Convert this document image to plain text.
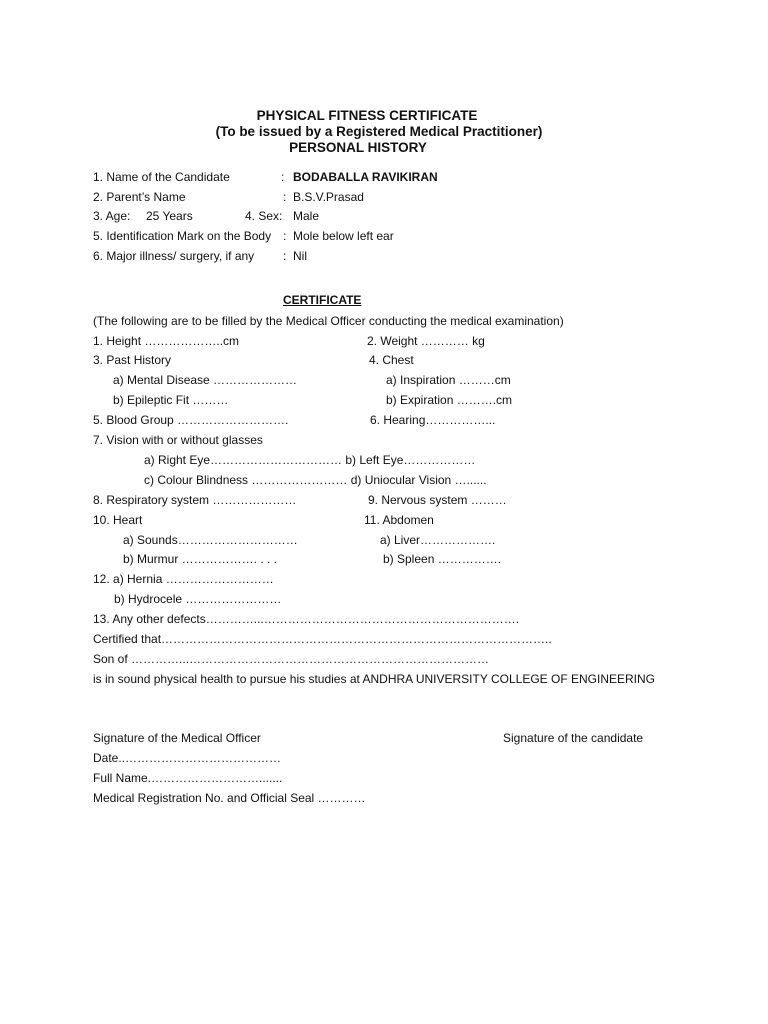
PHYSICAL FITNESS CERTIFICATE
(To be issued by a Registered Medical Practitioner)
PERSONAL HISTORY
1. Name of the Candidate	: BODABALLA RAVIKIRAN
2. Parent’s Name	: B.S.V.Prasad
3. Age: 25 Years	4. Sex: Male
5. Identification Mark on the Body : Mole below left ear
6. Major illness/ surgery, if any : Nil
CERTIFICATE
(The following are to be filled by the Medical Officer conducting the medical examination)
1. Height ………………..cm	2. Weight ………… kg
3. Past History	4. Chest
a) Mental Disease …………………	a) Inspiration ………cm
b) Epileptic Fit ………	b) Expiration ……….cm
5. Blood Group ……………………….	6. Hearing……………...
7. Vision with or without glasses
a) Right Eye…………………………… b) Left Eye………………
c) Colour Blindness …………………… d) Uniocular Vision …......
8. Respiratory system …………………	9. Nervous system ………
10. Heart	11. Abdomen
a) Sounds…………………………	a) Liver……………….
b) Murmur ………………. . . .	b) Spleen …………….
12. a) Hernia ………………………
b) Hydrocele ……………………
13. Any other defects…………...……………………………………………………….
Certified that……………………………………………………………………………………..
Son of …………...…………………………………………………………………
is in sound physical health to pursue his studies at ANDHRA UNIVERSITY COLLEGE OF ENGINEERING
Signature of the Medical Officer	Signature of the candidate
Date..…………………………………
Full Name.……………………….......
Medical Registration No. and Official Seal …………
